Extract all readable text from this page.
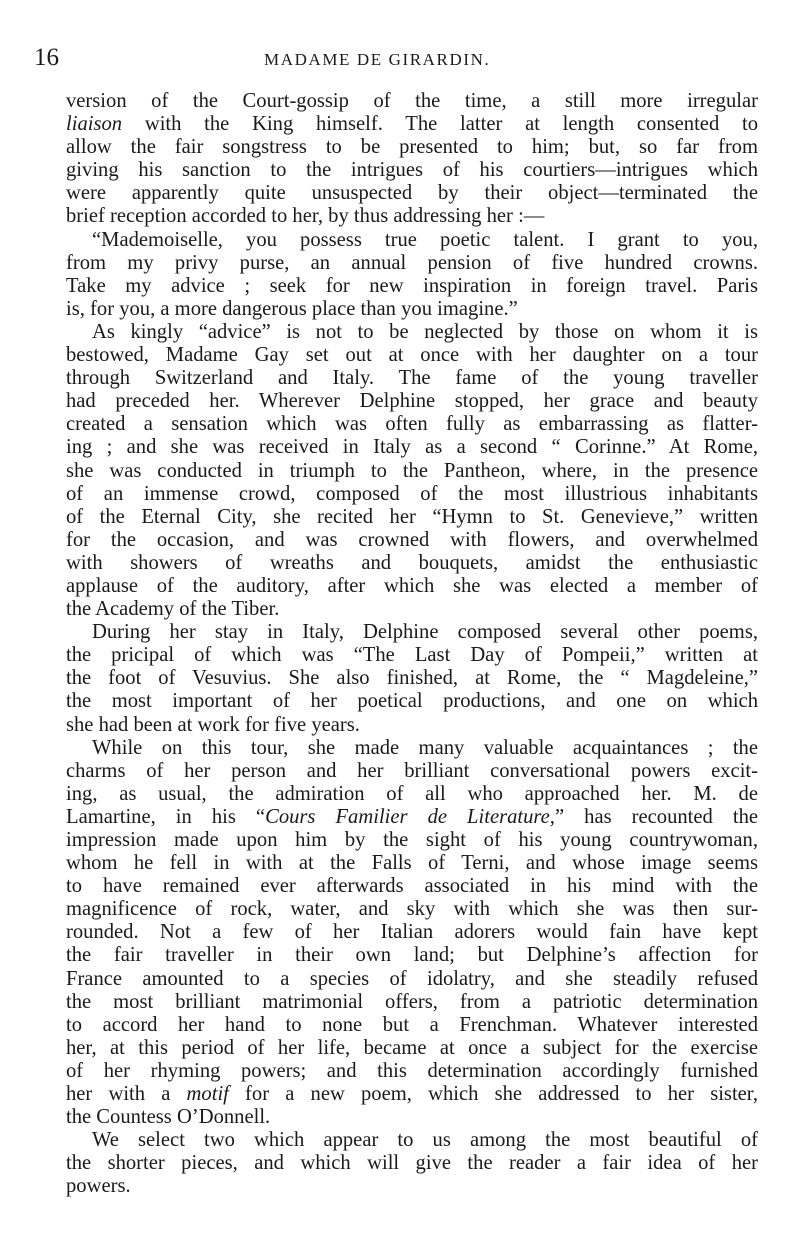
16	MADAME DE GIRARDIN.

version of the Court-gossip of the time, a still more irregular
liaison with the King himself. The latter at length consented to
allow the fair songstress to be presented to him; but, so far from
giving his sanction to the intrigues of his courtiers—intrigues which
were apparently quite unsuspected by their object—terminated the
brief reception accorded to her, by thus addressing her :—

“Mademoiselle, you possess true poetic talent. I grant to you,
from my privy purse, an annual pension of five hundred crowns.
Take my advice ; seek for new inspiration in foreign travel. Paris
is, for you, a more dangerous place than you imagine.”

As kingly “advice” is not to be neglected by those on whom it is
bestowed, Madame Gay set out at once with her daughter on a tour
through Switzerland and Italy. The fame of the young traveller
had preceded her. Wherever Delphine stopped, her grace and beauty
created a sensation which was often fully as embarrassing as flatter-
ing ; and she was received in Italy as a second “ Corinne.” At Rome,
she was conducted in triumph to the Pantheon, where, in the presence
of an immense crowd, composed of the most illustrious inhabitants
of the Eternal City, she recited her “Hymn to St. Genevieve,” written
for the occasion, and was crowned with flowers, and overwhelmed
with showers of wreaths and bouquets, amidst the enthusiastic
applause of the auditory, after which she was elected a member of
the Academy of the Tiber.

During her stay in Italy, Delphine composed several other poems,
the pricipal of which was “The Last Day of Pompeii,” written at
the foot of Vesuvius. She also finished, at Rome, the “ Magdeleine,”
the most important of her poetical productions, and one on which
she had been at work for five years.

While on this tour, she made many valuable acquaintances ; the
charms of her person and her brilliant conversational powers excit-
ing, as usual, the admiration of all who approached her. M. de
Lamartine, in his “Cours Familier de Literature,” has recounted the
impression made upon him by the sight of his young countrywoman,
whom he fell in with at the Falls of Terni, and whose image seems
to have remained ever afterwards associated in his mind with the
magnificence of rock, water, and sky with which she was then sur-
rounded. Not a few of her Italian adorers would fain have kept
the fair traveller in their own land; but Delphine’s affection for
France amounted to a species of idolatry, and she steadily refused
the most brilliant matrimonial offers, from a patriotic determination
to accord her hand to none but a Frenchman. Whatever interested
her, at this period of her life, became at once a subject for the exercise
of her rhyming powers; and this determination accordingly furnished
her with a motif for a new poem, which she addressed to her sister,
the Countess O’Donnell.

We select two which appear to us among the most beautiful of
the shorter pieces, and which will give the reader a fair idea of her
powers.
